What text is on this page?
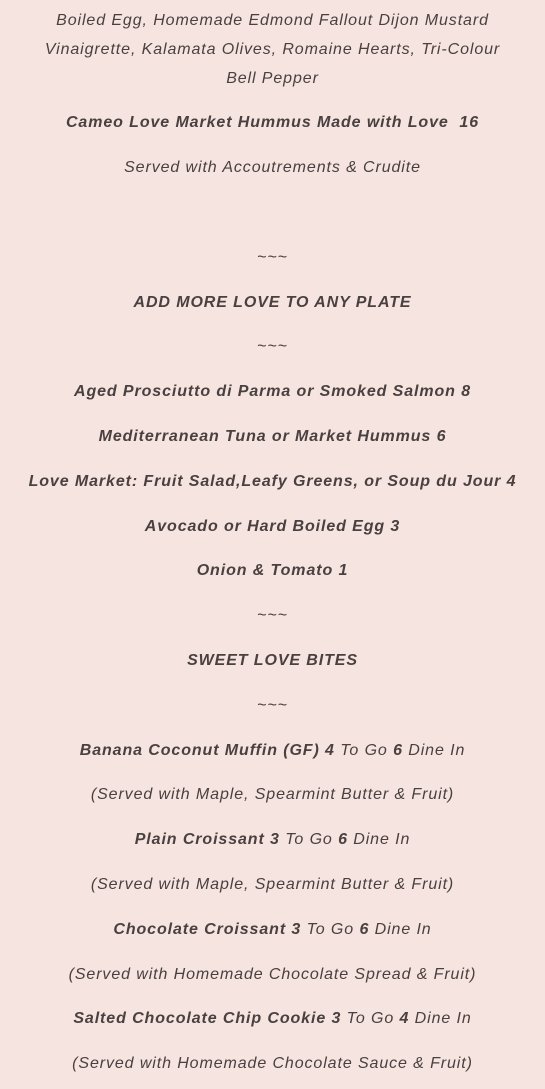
Boiled Egg, Homemade Edmond Fallout Dijon Mustard Vinaigrette, Kalamata Olives, Romaine Hearts, Tri-Colour Bell Pepper
Cameo Love Market Hummus Made with Love 16
Served with Accoutrements & Crudite
~~~
ADD MORE LOVE TO ANY PLATE
~~~
Aged Prosciutto di Parma or Smoked Salmon 8
Mediterranean Tuna or Market Hummus 6
Love Market: Fruit Salad,Leafy Greens, or Soup du Jour 4
Avocado or Hard Boiled Egg 3
Onion & Tomato 1
~~~
SWEET LOVE BITES
~~~
Banana Coconut Muffin (GF) 4 To Go 6 Dine In
(Served with Maple, Spearmint Butter & Fruit)
Plain Croissant 3 To Go 6 Dine In
(Served with Maple, Spearmint Butter & Fruit)
Chocolate Croissant 3 To Go 6 Dine In
(Served with Homemade Chocolate Spread & Fruit)
Salted Chocolate Chip Cookie 3 To Go 4 Dine In
(Served with Homemade Chocolate Sauce & Fruit)
